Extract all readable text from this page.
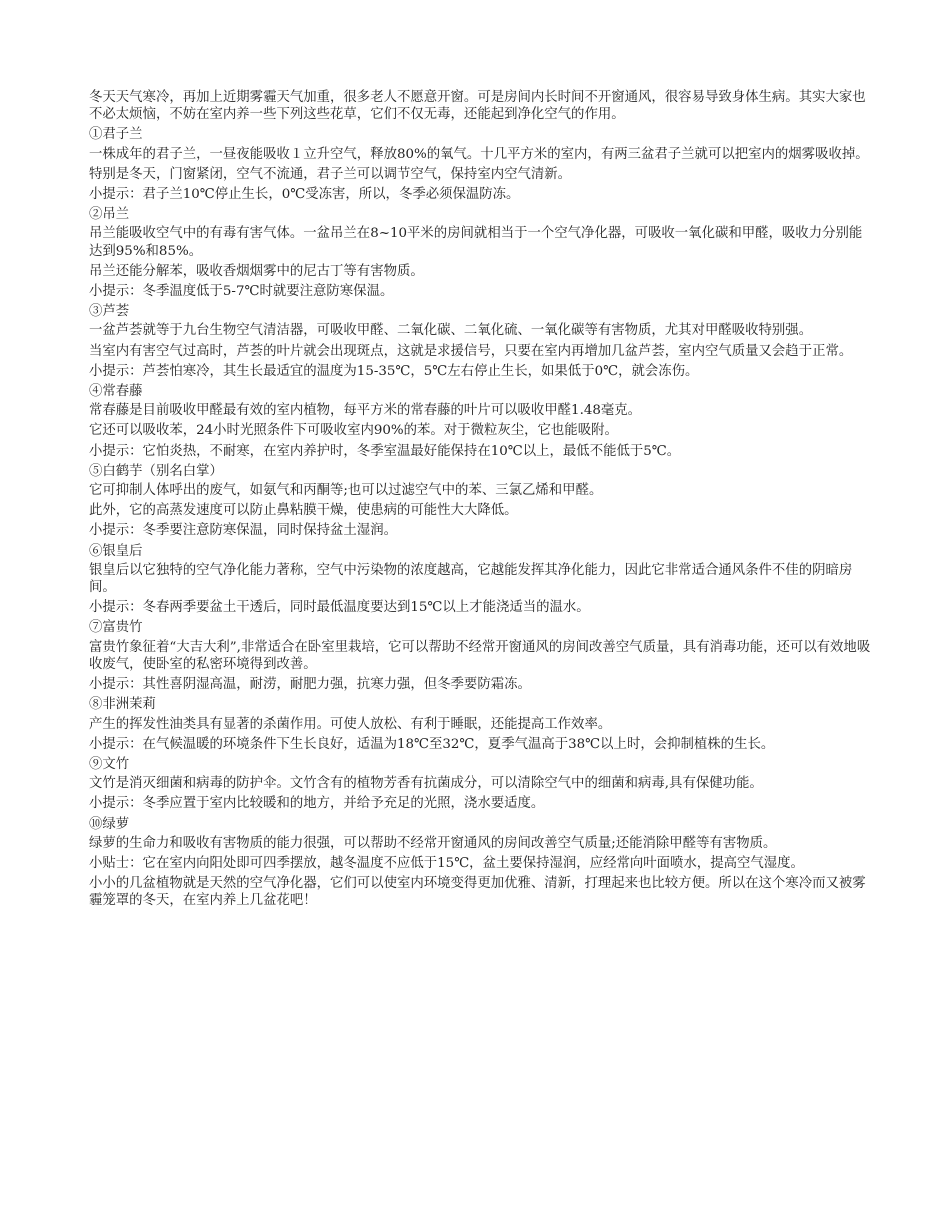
冬天天气寒冷，再加上近期雾霾天气加重，很多老人不愿意开窗。可是房间内长时间不开窗通风，很容易导致身体生病。其实大家也不必太烦恼，不妨在室内养一些下列这些花草，它们不仅无毒，还能起到净化空气的作用。

①君子兰

一株成年的君子兰，一昼夜能吸收１立升空气，释放80%的氧气。十几平方米的室内，有两三盆君子兰就可以把室内的烟雾吸收掉。

特别是冬天，门窗紧闭，空气不流通，君子兰可以调节空气，保持室内空气清新。

小提示：君子兰10℃停止生长，0℃受冻害，所以，冬季必须保温防冻。

②吊兰

吊兰能吸收空气中的有毒有害气体。一盆吊兰在8~10平米的房间就相当于一个空气净化器，可吸收一氧化碳和甲醛，吸收力分别能达到95%和85%。

吊兰还能分解苯，吸收香烟烟雾中的尼古丁等有害物质。

小提示：冬季温度低于5-7℃时就要注意防寒保温。

③芦荟

一盆芦荟就等于九台生物空气清洁器，可吸收甲醛、二氧化碳、二氧化硫、一氧化碳等有害物质，尤其对甲醛吸收特别强。

当室内有害空气过高时，芦荟的叶片就会出现斑点，这就是求援信号，只要在室内再增加几盆芦荟，室内空气质量又会趋于正常。

小提示：芦荟怕寒冷，其生长最适宜的温度为15-35℃，5℃左右停止生长，如果低于0℃，就会冻伤。

④常春藤

常春藤是目前吸收甲醛最有效的室内植物，每平方米的常春藤的叶片可以吸收甲醛1.48毫克。

它还可以吸收苯，24小时光照条件下可吸收室内90%的苯。对于微粒灰尘，它也能吸附。

小提示：它怕炎热，不耐寒，在室内养护时，冬季室温最好能保持在10℃以上，最低不能低于5℃。

⑤白鹤芋（别名白掌）

它可抑制人体呼出的废气，如氨气和丙酮等;也可以过滤空气中的苯、三氯乙烯和甲醛。

此外，它的高蒸发速度可以防止鼻粘膜干燥，使患病的可能性大大降低。

小提示：冬季要注意防寒保温，同时保持盆土湿润。

⑥银皇后

银皇后以它独特的空气净化能力著称，空气中污染物的浓度越高，它越能发挥其净化能力，因此它非常适合通风条件不佳的阴暗房间。

小提示：冬春两季要盆土干透后，同时最低温度要达到15℃以上才能浇适当的温水。

⑦富贵竹

富贵竹象征着“大吉大利”,非常适合在卧室里栽培，它可以帮助不经常开窗通风的房间改善空气质量，具有消毒功能，还可以有效地吸收废气，使卧室的私密环境得到改善。

小提示：其性喜阴湿高温，耐涝，耐肥力强，抗寒力强，但冬季要防霜冻。

⑧非洲茉莉

产生的挥发性油类具有显著的杀菌作用。可使人放松、有利于睡眠，还能提高工作效率。

小提示：在气候温暖的环境条件下生长良好，适温为18℃至32℃，夏季气温高于38℃以上时，会抑制植株的生长。

⑨文竹

文竹是消灭细菌和病毒的防护伞。文竹含有的植物芳香有抗菌成分，可以清除空气中的细菌和病毒,具有保健功能。

小提示：冬季应置于室内比较暖和的地方，并给予充足的光照，浇水要适度。

⑩绿萝

绿萝的生命力和吸收有害物质的能力很强，可以帮助不经常开窗通风的房间改善空气质量;还能消除甲醛等有害物质。

小贴士：它在室内向阳处即可四季摆放，越冬温度不应低于15℃，盆土要保持湿润，应经常向叶面喷水，提高空气湿度。

小小的几盆植物就是天然的空气净化器，它们可以使室内环境变得更加优雅、清新，打理起来也比较方便。所以在这个寒冷而又被雾霾笼罩的冬天，在室内养上几盆花吧！
